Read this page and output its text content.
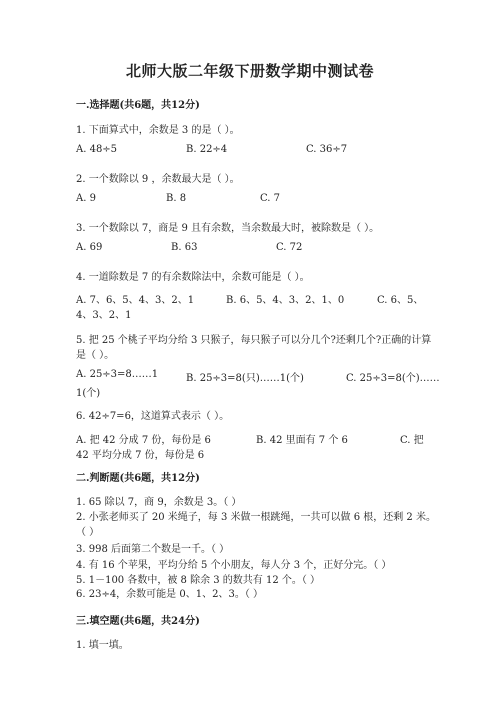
北师大版二年级下册数学期中测试卷
一.选择题(共6题，共12分)
1. 下面算式中，余数是 3 的是（ ）。
A. 48÷5	B. 22÷4	C. 36÷7
2. 一个数除以 9 ，余数最大是（ ）。
A. 9	B. 8	C. 7
3. 一个数除以 7，商是 9 且有余数，当余数最大时，被除数是（ ）。
A. 69	B. 63	C. 72
4. 一道除数是 7 的有余数除法中，余数可能是（ ）。
A. 7、6、5、4、3、2、1	B. 6、5、4、3、2、1、0	C. 6、5、
4、3、2、1
5. 把 25 个桃子平均分给 3 只猴子，每只猴子可以分几个?还剩几个?正确的计算
是（ ）。
A. 25÷3=8……1	B. 25÷3=8(只)……1(个)	C. 25÷3=8(个)……
1(个)
6. 42÷7=6，这道算式表示（ ）。
A. 把 42 分成 7 份，每份是 6	B. 42 里面有 7 个 6	C. 把
42 平均分成 7 份，每份是 6
二.判断题(共6题，共12分)
1. 65 除以 7，商 9，余数是 3。（ ）
2. 小张老师买了 20 米绳子，每 3 米做一根跳绳，一共可以做 6 根，还剩 2 米。
（ ）
3. 998 后面第二个数是一千。（ ）
4. 有 16 个苹果，平均分给 5 个小朋友，每人分 3 个，正好分完。（ ）
5. 1－100 各数中，被 8 除余 3 的数共有 12 个。（ ）
6. 23÷4，余数可能是 0、1、2、3。（ ）
三.填空题(共6题，共24分)
1. 填一填。
